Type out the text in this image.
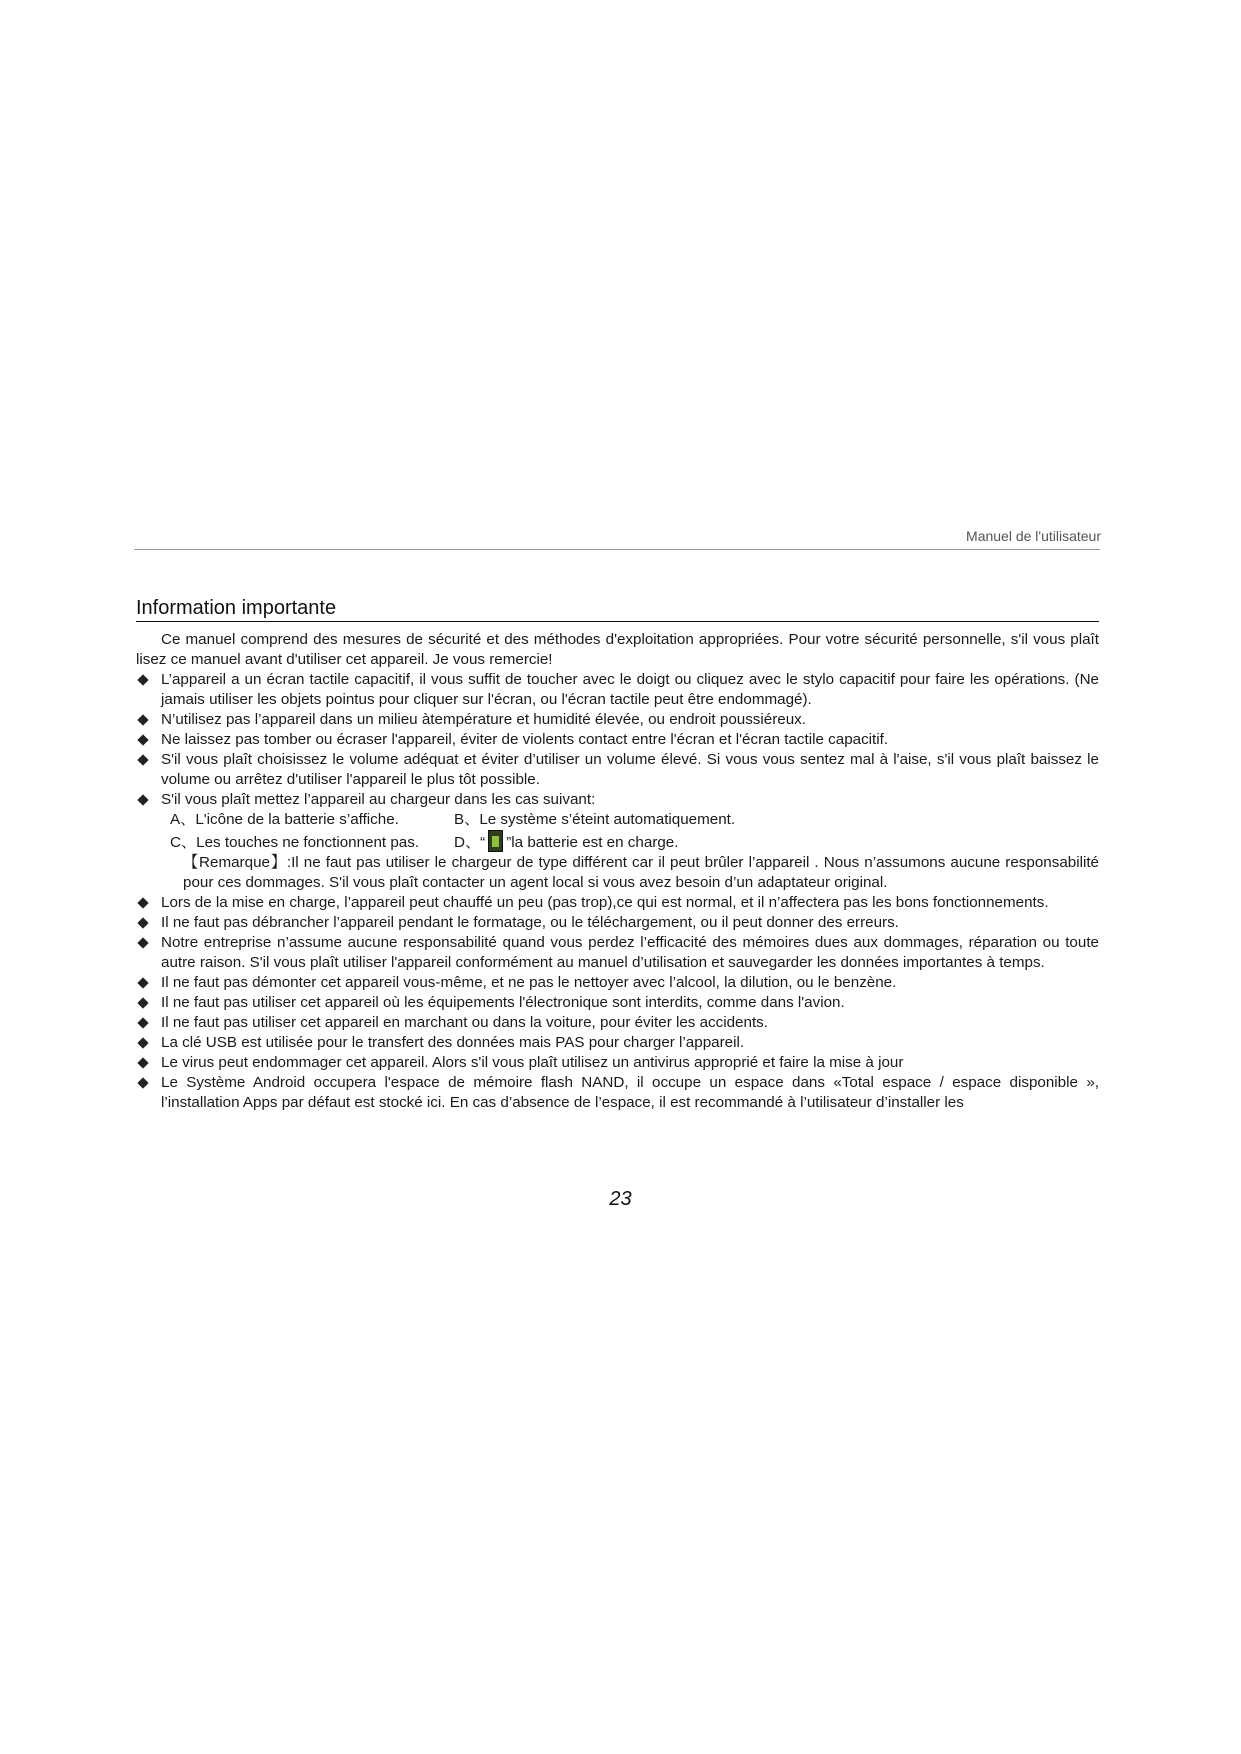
Manuel de l'utilisateur
Information importante

Ce manuel comprend des mesures de sécurité et des méthodes d'exploitation appropriées. Pour votre sécurité personnelle, s'il vous plaît lisez ce manuel avant d'utiliser cet appareil. Je vous remercie!

L’appareil a un écran tactile capacitif, il vous suffit de toucher avec le doigt ou cliquez avec le stylo capacitif pour faire les opérations. (Ne jamais utiliser les objets pointus pour cliquer sur l'écran, ou l'écran tactile peut être endommagé).
N’utilisez pas l’appareil dans un milieu àtempérature et humidité élevée, ou endroit poussiéreux.
Ne laissez pas tomber ou écraser l'appareil, éviter de violents contact entre l'écran et l'écran tactile capacitif.
S'il vous plaît choisissez le volume adéquat et éviter d’utiliser un volume élevé. Si vous vous sentez mal à l'aise, s'il vous plaît baissez le volume ou arrêtez d'utiliser l'appareil le plus tôt possible.
S'il vous plaît mettez l’appareil au chargeur dans les cas suivant:
A、L'icône de la batterie s’affiche.	B、Le système s’éteint automatiquement.
C、Les touches ne fonctionnent pas. D、“ ”la batterie est en charge.
【Remarque】:Il ne faut pas utiliser le chargeur de type différent car il peut brûler l’appareil . Nous n’assumons aucune responsabilité pour ces dommages. S'il vous plaît contacter un agent local si vous avez besoin d’un adaptateur original.
Lors de la mise en charge, l’appareil peut chauffé un peu (pas trop),ce qui est normal, et il n’affectera pas les bons fonctionnements.
Il ne faut pas débrancher l’appareil pendant le formatage, ou le téléchargement, ou il peut donner des erreurs.
Notre entreprise n’assume aucune responsabilité quand vous perdez l’efficacité des mémoires dues aux dommages, réparation ou toute autre raison. S'il vous plaît utiliser l'appareil conformément au manuel d’utilisation et sauvegarder les données importantes à temps.
Il ne faut pas démonter cet appareil vous-même, et ne pas le nettoyer avec l’alcool, la dilution, ou le benzène.
Il ne faut pas utiliser cet appareil où les équipements l'électronique sont interdits, comme dans l'avion.
Il ne faut pas utiliser cet appareil en marchant ou dans la voiture, pour éviter les accidents.
La clé USB est utilisée pour le transfert des données mais PAS pour charger l’appareil.
Le virus peut endommager cet appareil. Alors s'il vous plaît utilisez un antivirus approprié et faire la mise à jour
Le Système Android occupera l'espace de mémoire flash NAND, il occupe un espace dans «Total espace / espace disponible », l’installation Apps par défaut est stocké ici. En cas d’absence de l’espace, il est recommandé à l’utilisateur d’installer les
23
